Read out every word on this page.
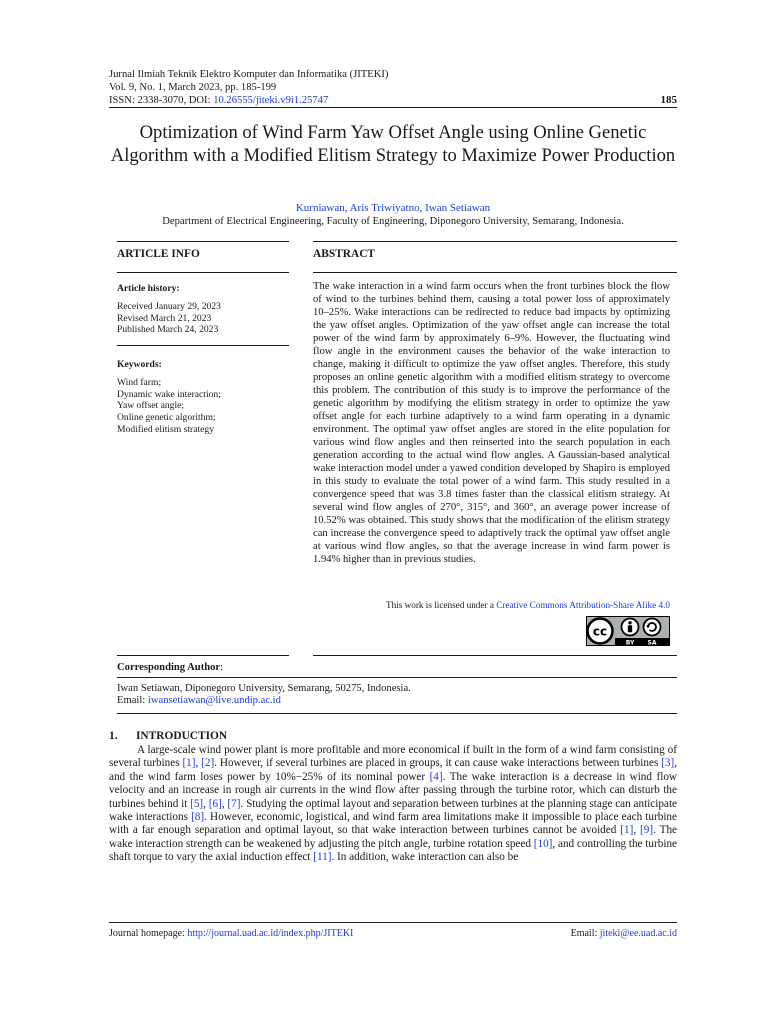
Jurnal Ilmiah Teknik Elektro Komputer dan Informatika (JITEKI)
Vol. 9, No. 1, March 2023, pp. 185-199
ISSN: 2338-3070, DOI: 10.26555/jiteki.v9i1.25747	185
Optimization of Wind Farm Yaw Offset Angle using Online Genetic Algorithm with a Modified Elitism Strategy to Maximize Power Production
Kurniawan, Aris Triwiyatno, Iwan Setiawan
Department of Electrical Engineering, Faculty of Engineering, Diponegoro University, Semarang, Indonesia.
ARTICLE INFO	ABSTRACT
Article history:
Received January 29, 2023
Revised March 21, 2023
Published March 24, 2023
Keywords:
Wind farm;
Dynamic wake interaction;
Yaw offset angle;
Online genetic algorithm;
Modified elitism strategy

The wake interaction in a wind farm occurs when the front turbines block the flow of wind to the turbines behind them, causing a total power loss of approximately 10–25%. Wake interactions can be redirected to reduce bad impacts by optimizing the yaw offset angles. Optimization of the yaw offset angle can increase the total power of the wind farm by approximately 6–9%. However, the fluctuating wind flow angle in the environment causes the behavior of the wake interaction to change, making it difficult to optimize the yaw offset angles. Therefore, this study proposes an online genetic algorithm with a modified elitism strategy to overcome this problem. The contribution of this study is to improve the performance of the genetic algorithm by modifying the elitism strategy in order to optimize the yaw offset angle for each turbine adaptively to a wind farm operating in a dynamic environment. The optimal yaw offset angles are stored in the elite population for various wind flow angles and then reinserted into the search population in each generation according to the actual wind flow angles. A Gaussian-based analytical wake interaction model under a yawed condition developed by Shapiro is employed in this study to evaluate the total power of a wind farm. This study resulted in a convergence speed that was 3.8 times faster than the classical elitism strategy. At several wind flow angles of 270°, 315°, and 360°, an average power increase of 10.52% was obtained. This study shows that the modification of the elitism strategy can increase the convergence speed to adaptively track the optimal yaw offset angle at various wind flow angles, so that the average increase in wind farm power is 1.94% higher than in previous studies.

This work is licensed under a Creative Commons Attribution-Share Alike 4.0
cc
BY SA
Corresponding Author:
Iwan Setiawan, Diponegoro University, Semarang, 50275, Indonesia.
Email: iwansetiawan@live.undip.ac.id
1. INTRODUCTION

A large-scale wind power plant is more profitable and more economical if built in the form of a wind farm consisting of several turbines [1], [2]. However, if several turbines are placed in groups, it can cause wake interactions between turbines [3], and the wind farm loses power by 10%−25% of its nominal power [4]. The wake interaction is a decrease in wind flow velocity and an increase in rough air currents in the wind flow after passing through the turbine rotor, which can disturb the turbines behind it [5], [6], [7]. Studying the optimal layout and separation between turbines at the planning stage can anticipate wake interactions [8]. However, economic, logistical, and wind farm area limitations make it impossible to place each turbine with a far enough separation and optimal layout, so that wake interaction between turbines cannot be avoided [1], [9]. The wake interaction strength can be weakened by adjusting the pitch angle, turbine rotation speed [10], and controlling the turbine shaft torque to vary the axial induction effect [11]. In addition, wake interaction can also be

Journal homepage: http://journal.uad.ac.id/index.php/JITEKI	Email: jiteki@ee.uad.ac.id
